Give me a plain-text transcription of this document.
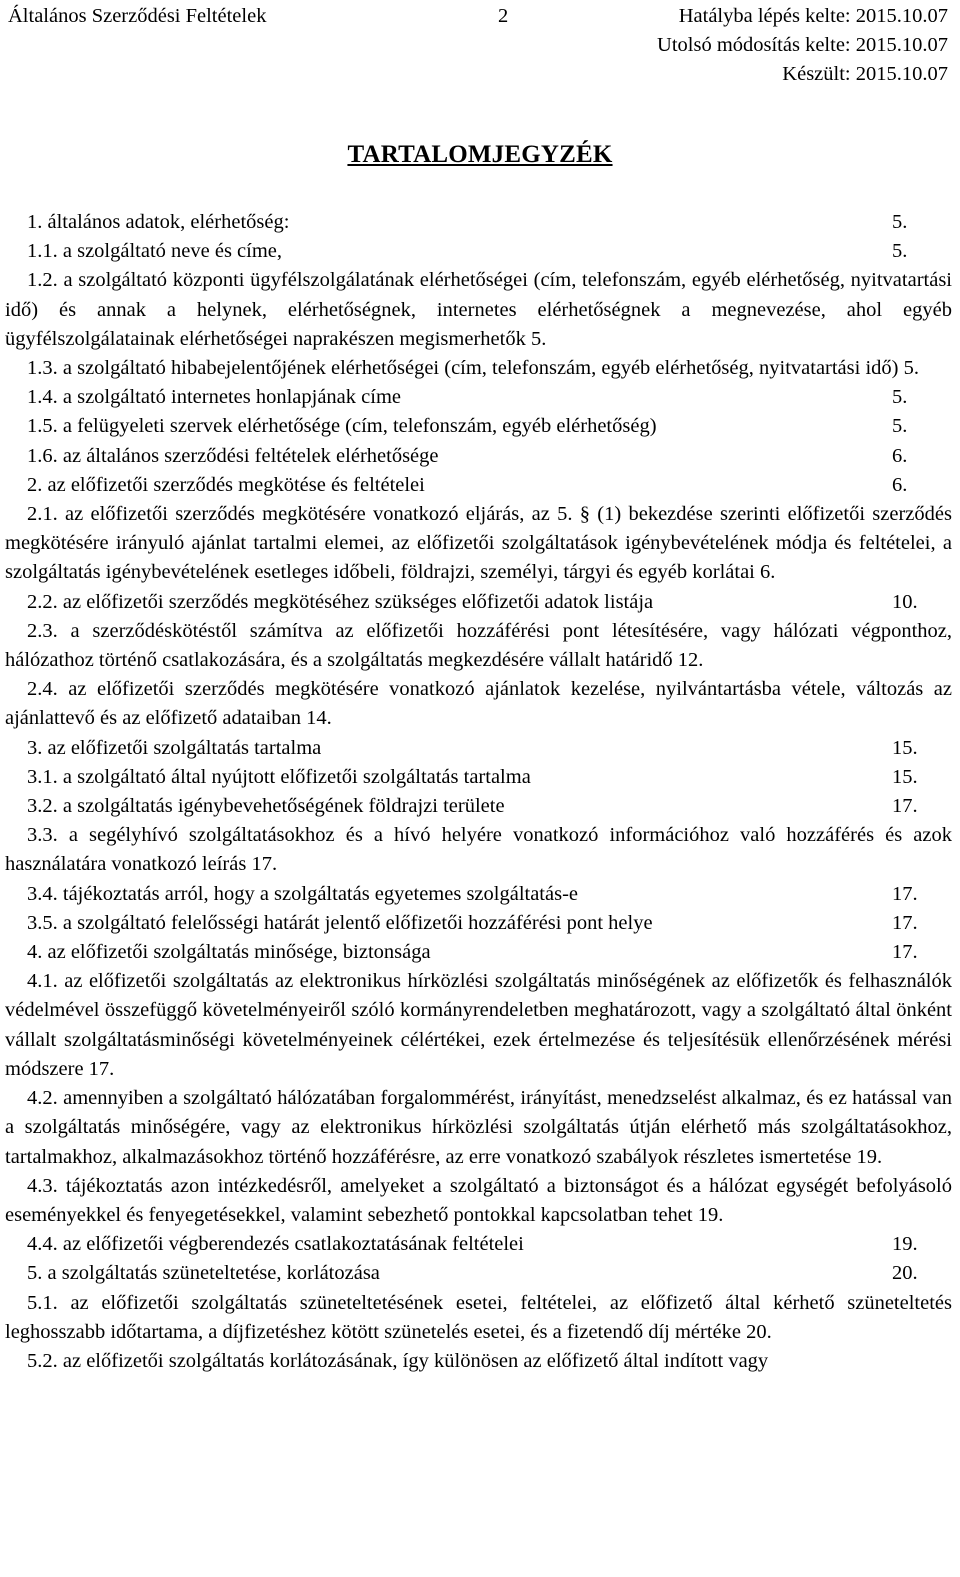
Általános Szerződési Feltételek	2	Hatályba lépés kelte: 2015.10.07
Utolsó módosítás kelte: 2015.10.07
Készült: 2015.10.07
TARTALOMJEGYZÉK
1. általános adatok, elérhetőség:	5.
1.1. a szolgáltató neve és címe,	5.
1.2. a szolgáltató központi ügyfélszolgálatának elérhetőségei (cím, telefonszám, egyéb elérhetőség, nyitvatartási idő) és annak a helynek, elérhetőségnek, internetes elérhetőségnek a megnevezése, ahol egyéb ügyfélszolgálatainak elérhetőségei naprakészen megismerhetők 5.
1.3. a szolgáltató hibabejelentőjének elérhetőségei (cím, telefonszám, egyéb elérhetőség, nyitvatartási idő) 5.
1.4. a szolgáltató internetes honlapjának címe	5.
1.5. a felügyeleti szervek elérhetősége (cím, telefonszám, egyéb elérhetőség)	5.
1.6. az általános szerződési feltételek elérhetősége	6.
2. az előfizetői szerződés megkötése és feltételei	6.
2.1. az előfizetői szerződés megkötésére vonatkozó eljárás, az 5. § (1) bekezdése szerinti előfizetői szerződés megkötésére irányuló ajánlat tartalmi elemei, az előfizetői szolgáltatások igénybevételének módja és feltételei, a szolgáltatás igénybevételének esetleges időbeli, földrajzi, személyi, tárgyi és egyéb korlátai 6.
2.2. az előfizetői szerződés megkötéséhez szükséges előfizetői adatok listája	10.
2.3. a szerződéskötéstől számítva az előfizetői hozzáférési pont létesítésére, vagy hálózati végponthoz, hálózathoz történő csatlakozására, és a szolgáltatás megkezdésére vállalt határidő 12.
2.4. az előfizetői szerződés megkötésére vonatkozó ajánlatok kezelése, nyilvántartásba vétele, változás az ajánlattevő és az előfizető adataiban 14.
3. az előfizetői szolgáltatás tartalma	15.
3.1. a szolgáltató által nyújtott előfizetői szolgáltatás tartalma	15.
3.2. a szolgáltatás igénybevehetőségének földrajzi területe	17.
3.3. a segélyhívó szolgáltatásokhoz és a hívó helyére vonatkozó információhoz való hozzáférés és azok használatára vonatkozó leírás 17.
3.4. tájékoztatás arról, hogy a szolgáltatás egyetemes szolgáltatás-e	17.
3.5. a szolgáltató felelősségi határát jelentő előfizetői hozzáférési pont helye	17.
4. az előfizetői szolgáltatás minősége, biztonsága	17.
4.1. az előfizetői szolgáltatás az elektronikus hírközlési szolgáltatás minőségének az előfizetők és felhasználók védelmével összefüggő követelményeiről szóló kormányrendeletben meghatározott, vagy a szolgáltató által önként vállalt szolgáltatásminőségi követelményeinek célértékei, ezek értelmezése és teljesítésük ellenőrzésének mérési módszere 17.
4.2. amennyiben a szolgáltató hálózatában forgalommérést, irányítást, menedzselést alkalmaz, és ez hatással van a szolgáltatás minőségére, vagy az elektronikus hírközlési szolgáltatás útján elérhető más szolgáltatásokhoz, tartalmakhoz, alkalmazásokhoz történő hozzáférésre, az erre vonatkozó szabályok részletes ismertetése 19.
4.3. tájékoztatás azon intézkedésről, amelyeket a szolgáltató a biztonságot és a hálózat egységét befolyásoló eseményekkel és fenyegetésekkel, valamint sebezhető pontokkal kapcsolatban tehet 19.
4.4. az előfizetői végberendezés csatlakoztatásának feltételei	19.
5. a szolgáltatás szüneteltetése, korlátozása	20.
5.1. az előfizetői szolgáltatás szüneteltetésének esetei, feltételei, az előfizető által kérhető szüneteltetés leghosszabb időtartama, a díjfizetéshez kötött szünetelés esetei, és a fizetendő díj mértéke 20.
5.2. az előfizetői szolgáltatás korlátozásának, így különösen az előfizető által indított vagy
